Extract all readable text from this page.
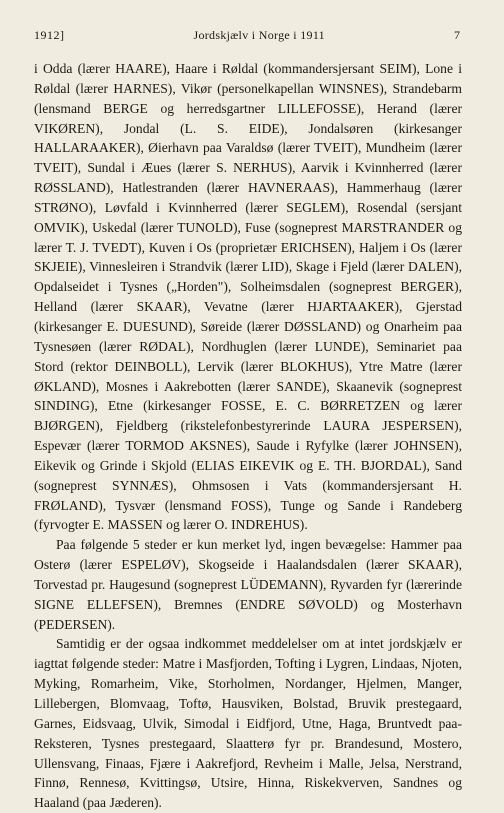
1912]	Jordskjælv i Norge i 1911	7

i Odda (lærer HAARE), Haare i Røldal (kommandersjersant SEIM), Lone i Røldal (lærer HARNES), Vikør (personelkapellan WINSNES), Strandebarm (lensmand BERGE og herredsgartner LILLEFOSSE), Herand (lærer VIKØREN), Jondal (L. S. EIDE), Jondalsøren (kirkesanger HALLARAAKER), Øierhavn paa Varaldsø (lærer TVEIT), Mundheim (lærer TVEIT), Sundal i Æues (lærer S. NERHUS), Aarvik i Kvinnherred (lærer RØSSLAND), Hatlestranden (lærer HAVNERAAS), Hammerhaug (lærer STRØNO), Løvfald i Kvinnherred (lærer SEGLEM), Rosendal (sersjant OMVIK), Uskedal (lærer TUNOLD), Fuse (sogneprest MARSTRANDER og lærer T. J. TVEDT), Kuven i Os (proprietær ERICHSEN), Haljem i Os (lærer SKJEIE), Vinnesleiren i Strandvik (lærer LID), Skage i Fjeld (lærer DALEN), Opdalseidet i Tysnes („Horden"), Solheimsdalen (sogneprest BERGER), Helland (lærer SKAAR), Vevatne (lærer HJARTAAKER), Gjerstad (kirkesanger E. DUESUND), Søreide (lærer DØSSLAND) og Onarheim paa Tysnesøen (lærer RØDAL), Nordhuglen (lærer LUNDE), Seminariet paa Stord (rektor DEINBOLL), Lervik (lærer BLOKHUS), Ytre Matre (lærer ØKLAND), Mosnes i Aakrebotten (lærer SANDE), Skaanevik (sogneprest SINDING), Etne (kirkesanger FOSSE, E. C. BØRRETZEN og lærer BJØRGEN), Fjeldberg (rikstelefonbestyrerinde LAURA JESPERSEN), Espevær (lærer TORMOD AKSNES), Saude i Ryfylke (lærer JOHNSEN), Eikevik og Grinde i Skjold (ELIAS EIKEVIK og E. TH. BJORDAL), Sand (sogneprest SYNNÆS), Ohmsosen i Vats (kommandersjersant H. FRØLAND), Tysvær (lensmand FOSS), Tunge og Sande i Randeberg (fyrvogter E. MASSEN og lærer O. INDREHUS).

Paa følgende 5 steder er kun merket lyd, ingen bevægelse: Hammer paa Osterø (lærer ESPELØV), Skogseide i Haalandsdalen (lærer SKAAR), Torvestad pr. Haugesund (sogneprest LÜDEMANN), Ryvarden fyr (lærerinde SIGNE ELLEFSEN), Bremnes (ENDRE SØVOLD) og Mosterhavn (PEDERSEN).

Samtidig er der ogsaa indkommet meddelelser om at intet jordskjælv er iagttat følgende steder: Matre i Masfjorden, Tofting i Lygren, Lindaas, Njoten, Myking, Romarheim, Vike, Storholmen, Nordanger, Hjelmen, Manger, Lillebergen, Blomvaag, Toftø, Hausviken, Bolstad, Bruvik prestegaard, Garnes, Eidsvaag, Ulvik, Simodal i Eidfjord, Utne, Haga, Bruntvedt paa-Reksteren, Tysnes prestegaard, Slaatterø fyr pr. Brandesund, Mostero, Ullensvang, Finaas, Fjære i Aakrefjord, Revheim i Malle, Jelsa, Nerstrand, Finnø, Rennesø, Kvittingsø, Utsire, Hinna, Riskekverven, Sandnes og Haaland (paa Jæderen).
